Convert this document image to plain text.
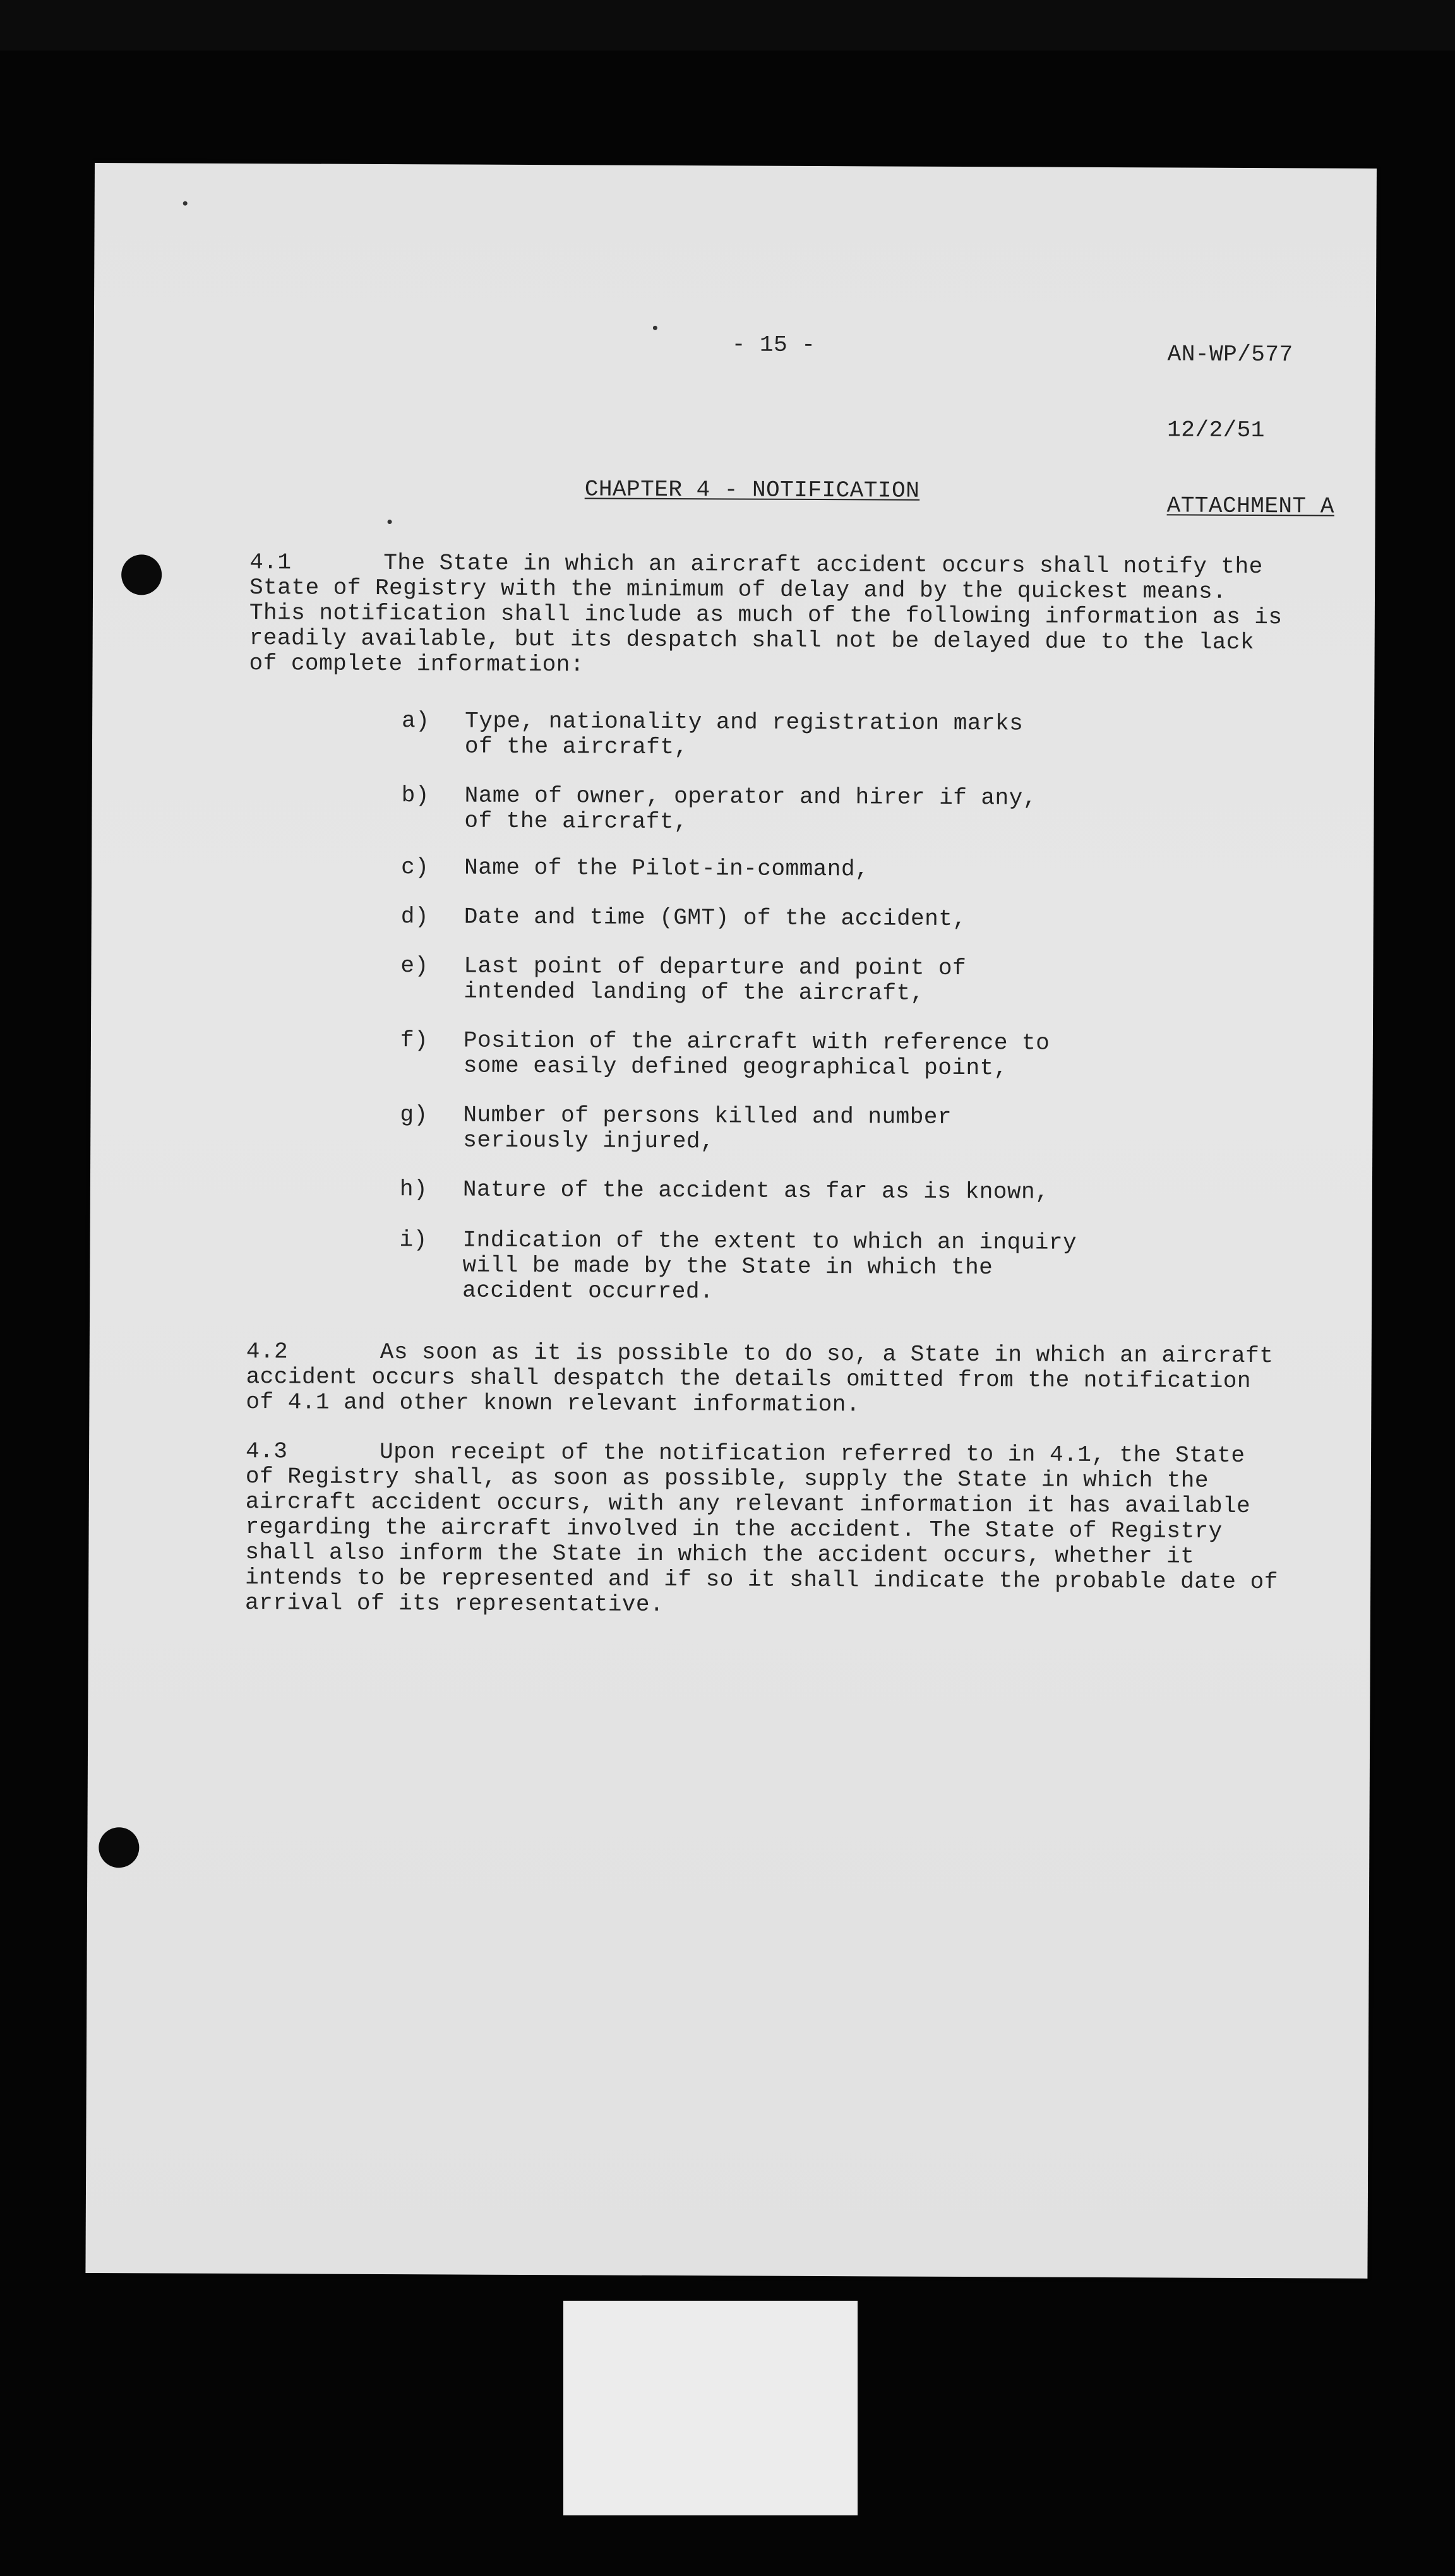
- 15 -

	AN-WP/577

12/2/51

ATTACHMENT A

CHAPTER 4 - NOTIFICATION

4.1	The State in which an aircraft accident occurs shall notify the State of Registry with the minimum of delay and by the quickest means. This notification shall include as much of the following information as is readily available, but its despatch shall not be delayed due to the lack of complete information:

a)	Type, nationality and registration marks of the aircraft,
b)	Name of owner, operator and hirer if any, of the aircraft,
c)	Name of the Pilot-in-command,
d)	Date and time (GMT) of the accident,
e)	Last point of departure and point of intended landing of the aircraft,
f)	Position of the aircraft with reference to some easily defined geographical point,
g)	Number of persons killed and number seriously injured,
h)	Nature of the accident as far as is known,
i)	Indication of the extent to which an inquiry will be made by the State in which the accident occurred.

4.2	As soon as it is possible to do so, a State in which an aircraft accident occurs shall despatch the details omitted from the notification of 4.1 and other known relevant information.

4.3	Upon receipt of the notification referred to in 4.1, the State of Registry shall, as soon as possible, supply the State in which the aircraft accident occurs, with any relevant information it has available regarding the aircraft involved in the accident. The State of Registry shall also inform the State in which the accident occurs, whether it intends to be represented and if so it shall indicate the probable date of arrival of its representative.
